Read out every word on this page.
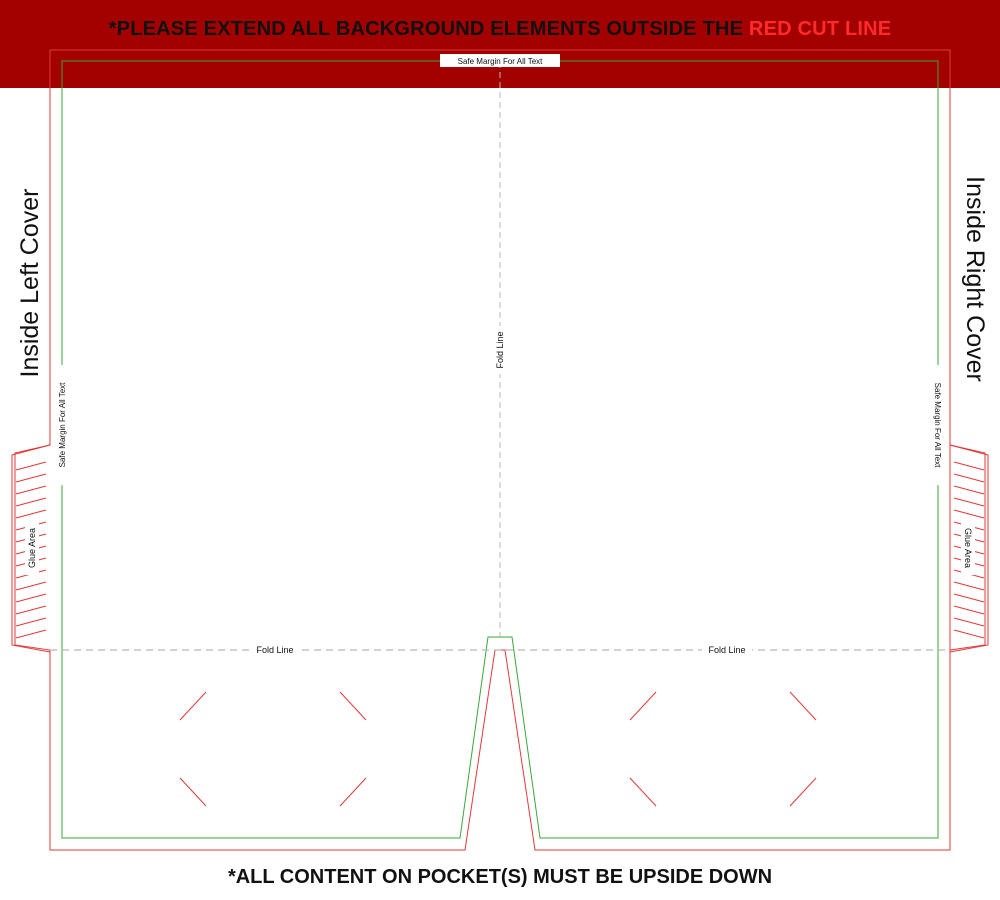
Safe Margin For All Text
Fold Line
Fold Line	Fold Line
Safe Margin For All Text	Safe Margin For All Text
Glue Area	Glue Area
Inside Left Cover	Inside Right Cover
*PLEASE EXTEND ALL BACKGROUND ELEMENTS OUTSIDE THE RED CUT LINE
*ALL CONTENT ON POCKET(S) MUST BE UPSIDE DOWN
